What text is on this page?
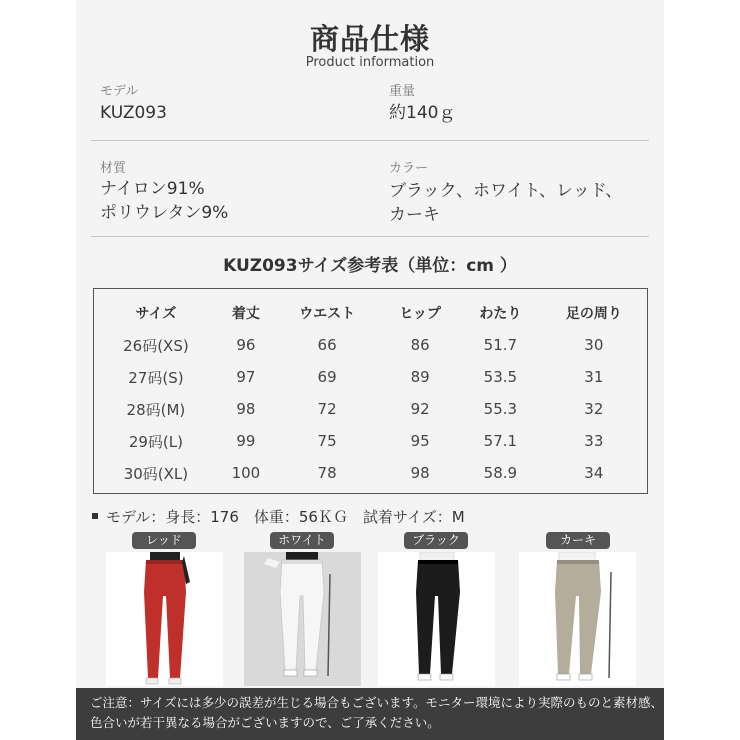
商品仕様
Product information
モデル
KUZ093
重量
約140ｇ
材質
ナイロン91%
ポリウレタン9%
カラー
ブラック、ホワイト、レッド、
カーキ
KUZ093サイズ参考表（単位：cm ）
サイズ	着丈	ウエスト	ヒップ	わたり	足の周り
26码(XS)	96	66	86	51.7	30
27码(S)	97	69	89	53.5	31
28码(M)	98	72	92	55.3	32
29码(L)	99	75	95	57.1	33
30码(XL)	100	78	98	58.9	34
モデル：身長：176　体重：56ＫＧ　試着サイズ：M
レッド	ホワイト	ブラック	カーキ
ご注意：サイズには多少の誤差が生じる場合もございます。モニター環境により実際のものと素材感、
色合いが若干異なる場合がございますので、ご了承ください。
